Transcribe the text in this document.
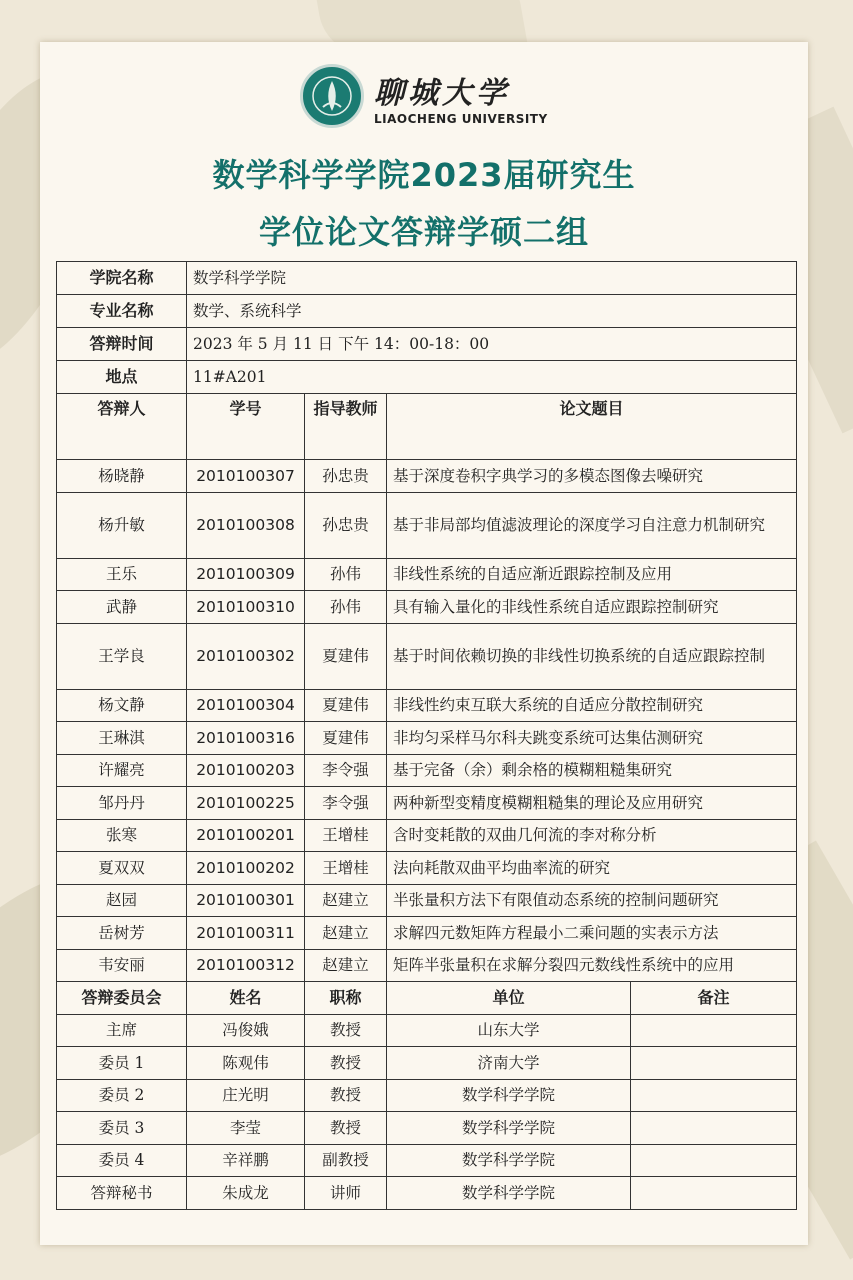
聊城大学
LIAOCHENG UNIVERSITY
数学科学学院2023届研究生
学位论文答辩学硕二组
学院名称	数学科学学院			
专业名称	数学、系统科学			
答辩时间	2023 年 5 月 11 日 下午 14：00-18：00			
地点	11#A201			
答辩人	学号	指导教师	论文题目	
杨晓静	2010100307	孙忠贵	基于深度卷积字典学习的多模态图像去噪研究	
杨升敏	2010100308	孙忠贵	基于非局部均值滤波理论的深度学习自注意力机制研究	
王乐	2010100309	孙伟	非线性系统的自适应渐近跟踪控制及应用	
武静	2010100310	孙伟	具有输入量化的非线性系统自适应跟踪控制研究	
王学良	2010100302	夏建伟	基于时间依赖切换的非线性切换系统的自适应跟踪控制	
杨文静	2010100304	夏建伟	非线性约束互联大系统的自适应分散控制研究	
王琳淇	2010100316	夏建伟	非均匀采样马尔科夫跳变系统可达集估测研究	
许耀亮	2010100203	李令强	基于完备（余）剩余格的模糊粗糙集研究	
邹丹丹	2010100225	李令强	两种新型变精度模糊粗糙集的理论及应用研究	
张寒	2010100201	王增桂	含时变耗散的双曲几何流的李对称分析	
夏双双	2010100202	王增桂	法向耗散双曲平均曲率流的研究	
赵园	2010100301	赵建立	半张量积方法下有限值动态系统的控制问题研究	
岳树芳	2010100311	赵建立	求解四元数矩阵方程最小二乘问题的实表示方法	
韦安丽	2010100312	赵建立	矩阵半张量积在求解分裂四元数线性系统中的应用	
答辩委员会	姓名	职称	单位	备注
主席	冯俊娥	教授	山东大学	
委员 1	陈观伟	教授	济南大学	
委员 2	庄光明	教授	数学科学学院	
委员 3	李莹	教授	数学科学学院	
委员 4	辛祥鹏	副教授	数学科学学院	
答辩秘书	朱成龙	讲师	数学科学学院	
